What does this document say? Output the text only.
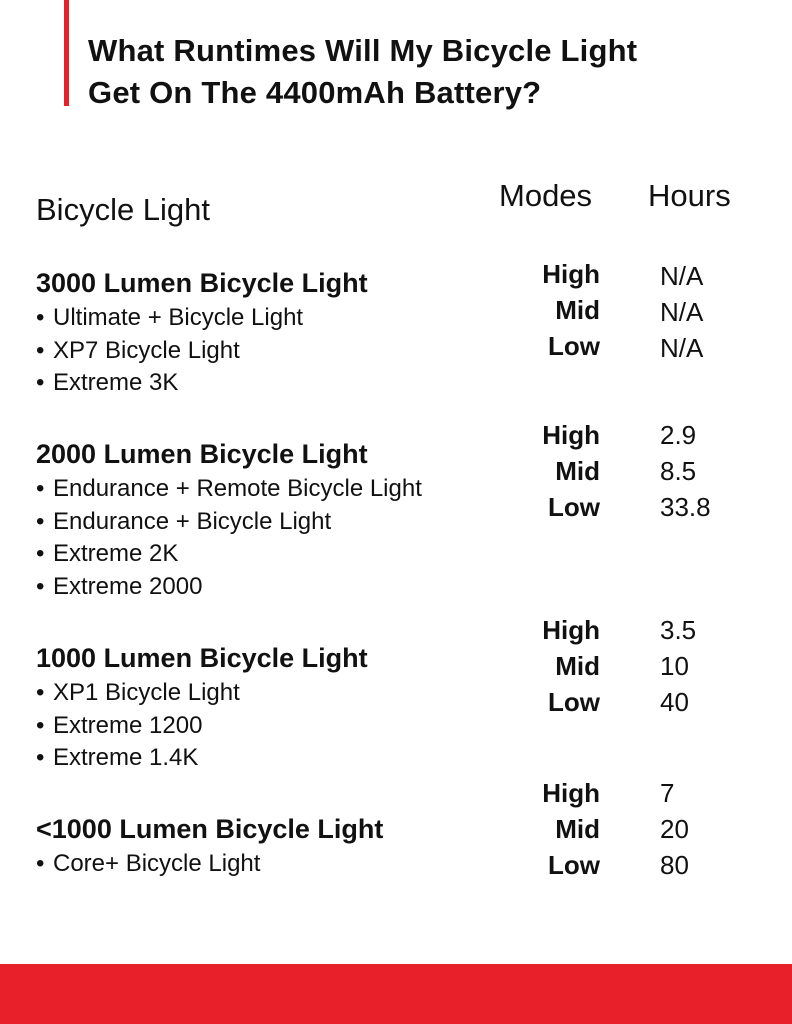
What Runtimes Will My Bicycle Light
Get On The 4400mAh Battery?
Bicycle Light	Modes Hours
3000 Lumen Bicycle Light
• Ultimate + Bicycle Light
• XP7 Bicycle Light
• Extreme 3K
High
Mid
Low
N/A
N/A
N/A
2000 Lumen Bicycle Light
• Endurance + Remote Bicycle Light
• Endurance + Bicycle Light
• Extreme 2K
• Extreme 2000
High
Mid
Low
2.9
8.5
33.8
1000 Lumen Bicycle Light
• XP1 Bicycle Light
• Extreme 1200
• Extreme 1.4K
High
Mid
Low
3.5
10
40
<1000 Lumen Bicycle Light
• Core+ Bicycle Light
High
Mid
Low
7
20
80
